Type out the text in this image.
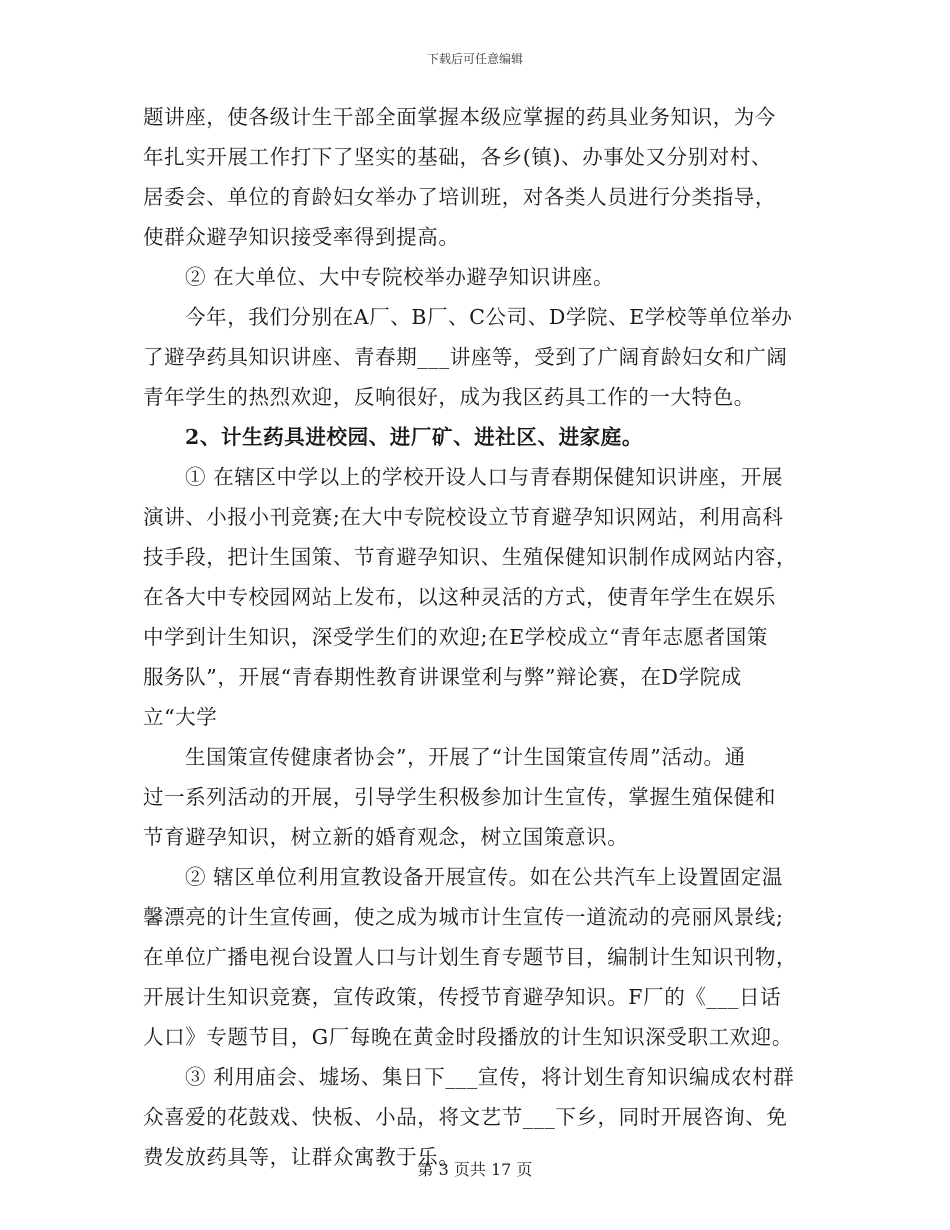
下载后可任意编辑
题讲座，使各级计生干部全面掌握本级应掌握的药具业务知识，为今
年扎实开展工作打下了坚实的基础，各乡(镇)、办事处又分别对村、
居委会、单位的育龄妇女举办了培训班，对各类人员进行分类指导，
使群众避孕知识接受率得到提高。
② 在大单位、大中专院校举办避孕知识讲座。
今年，我们分别在A厂、B厂、C公司、D学院、E学校等单位举办
了避孕药具知识讲座、青春期___讲座等，受到了广阔育龄妇女和广阔
青年学生的热烈欢迎，反响很好，成为我区药具工作的一大特色。
2、计生药具进校园、进厂矿、进社区、进家庭。
① 在辖区中学以上的学校开设人口与青春期保健知识讲座，开展
演讲、小报小刊竞赛;在大中专院校设立节育避孕知识网站，利用高科
技手段，把计生国策、节育避孕知识、生殖保健知识制作成网站内容，
在各大中专校园网站上发布，以这种灵活的方式，使青年学生在娱乐
中学到计生知识，深受学生们的欢迎;在E学校成立“青年志愿者国策
服务队”，开展“青春期性教育讲课堂利与弊”辩论赛，在D学院成
立“大学
生国策宣传健康者协会”，开展了“计生国策宣传周”活动。通
过一系列活动的开展，引导学生积极参加计生宣传，掌握生殖保健和
节育避孕知识，树立新的婚育观念，树立国策意识。
② 辖区单位利用宣教设备开展宣传。如在公共汽车上设置固定温
馨漂亮的计生宣传画，使之成为城市计生宣传一道流动的亮丽风景线;
在单位广播电视台设置人口与计划生育专题节目，编制计生知识刊物，
开展计生知识竞赛，宣传政策，传授节育避孕知识。F厂的《___日话
人口》专题节目，G厂每晚在黄金时段播放的计生知识深受职工欢迎。
③ 利用庙会、墟场、集日下___宣传，将计划生育知识编成农村群
众喜爱的花鼓戏、快板、小品，将文艺节___下乡，同时开展咨询、免
费发放药具等，让群众寓教于乐。
第 3 页共 17 页
